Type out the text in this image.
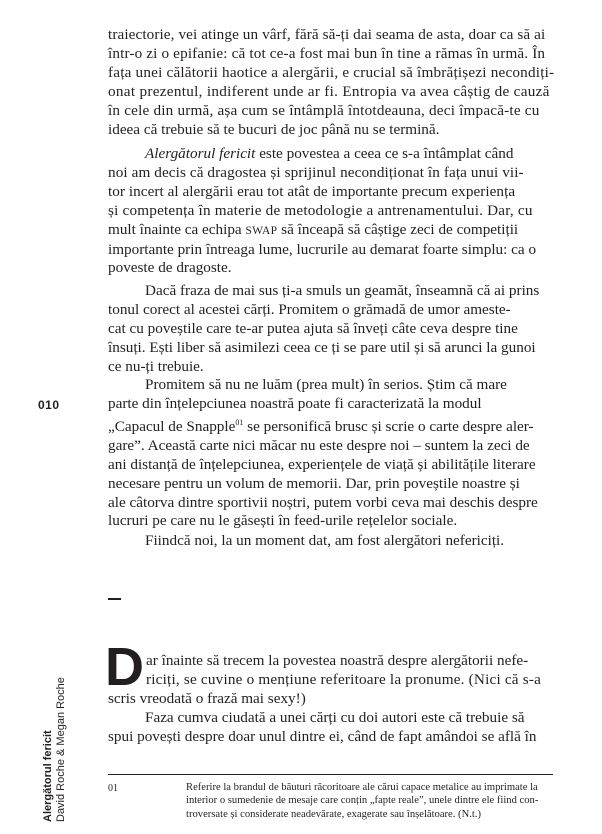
traiectorie, vei atinge un vârf, fără să-ți dai seama de asta, doar ca să ai
într-o zi o epifanie: că tot ce-a fost mai bun în tine a rămas în urmă. În
fața unei călătorii haotice a alergării, e crucial să îmbrățișezi necondiți-
onat prezentul, indiferent unde ar fi. Entropia va avea câștig de cauză
în cele din urmă, așa cum se întâmplă întotdeauna, deci împacă-te cu
ideea că trebuie să te bucuri de joc până nu se termină.
Alergătorul fericit este povestea a ceea ce s-a întâmplat când
noi am decis că dragostea și sprijinul necondiționat în fața unui vii-
tor incert al alergării erau tot atât de importante precum experiența
și competența în materie de metodologie a antrenamentului. Dar, cu
mult înainte ca echipa SWAP să înceapă să câștige zeci de competiții
importante prin întreaga lume, lucrurile au demarat foarte simplu: ca o
poveste de dragoste.
Dacă fraza de mai sus ți-a smuls un geamăt, înseamnă că ai prins
tonul corect al acestei cărți. Promitem o grămadă de umor ameste-
cat cu poveștile care te-ar putea ajuta să înveți câte ceva despre tine
însuți. Ești liber să asimilezi ceea ce ți se pare util și să arunci la gunoi
ce nu-ți trebuie.
010
Promitem să nu ne luăm (prea mult) în serios. Știm că mare
parte din înțelepciunea noastră poate fi caracterizată la modul
„Capacul de Snapple$^{01}$ se personifică brusc și scrie o carte despre aler-
gare”. Această carte nici măcar nu este despre noi – suntem la zeci de
ani distanță de înțelepciunea, experiențele de viață și abilitățile literare
necesare pentru un volum de memorii. Dar, prin poveștile noastre și
ale câtorva dintre sportivii noștri, putem vorbi ceva mai deschis despre
lucruri pe care nu le găsești în feed-urile rețelelor sociale.
Fiindcă noi, la un moment dat, am fost alergători nefericiți.
D ar înainte să trecem la povestea noastră despre alergătorii nefe-
riciți, se cuvine o mențiune referitoare la pronume. (Nici că s-a
scris vreodată o frază mai sexy!)
Faza cumva ciudată a unei cărți cu doi autori este că trebuie să
spui povești despre doar unul dintre ei, când de fapt amândoi se află în
01	Referire la brandul de băuturi răcoritoare ale cărui capace metalice au imprimate la
interior o sumedenie de mesaje care conțin „fapte reale”, unele dintre ele fiind con-
troversate și considerate neadevărate, exagerate sau înșelătoare. (N.t.)
Alergătorul fericit David Roche & Megan Roche
